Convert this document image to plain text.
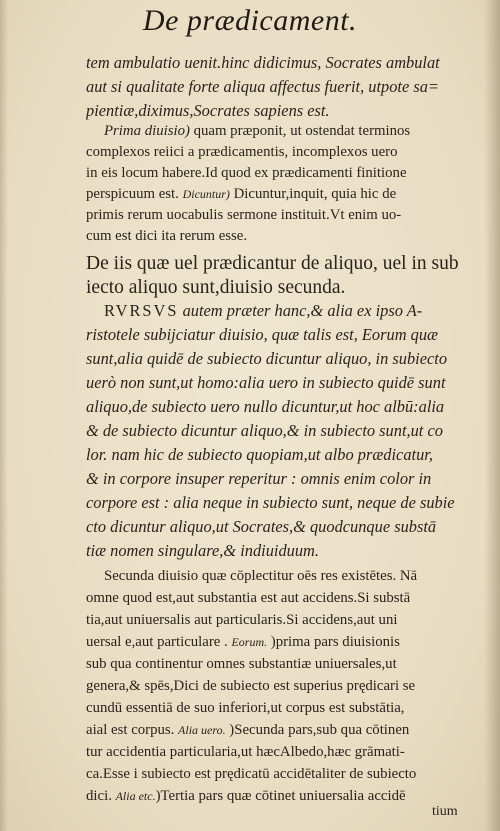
De prædicament.
tem ambulatio uenit.hinc didicimus, Socrates ambulat
aut si qualitate forte aliqua affectus fuerit, utpote sa=
pientiæ,diximus,Socrates sapiens est.
Prima diuisio) quam præponit, ut ostendat terminos
complexos reiici a prædicamentis, incomplexos uero
in eis locum habere.Id quod ex prædicamenti finitione
perspicuum est. Dicuntur) Dicuntur,inquit, quia hic de
primis rerum uocabulis sermone instituit.Vt enim uo-
cum est dici ita rerum esse.
De iis quæ uel prædicantur de aliquo, uel in sub
iecto aliquo sunt,diuisio secunda.
RVRSVS autem præter hanc,& alia ex ipso A-
ristotele subijciatur diuisio, quæ talis est, Eorum quæ
sunt,alia quidē de subiecto dicuntur aliquo, in subiecto
uerò non sunt,ut homo:alia uero in subiecto quidē sunt
aliquo,de subiecto uero nullo dicuntur,ut hoc albū:alia
& de subiecto dicuntur aliquo,& in subiecto sunt,ut co
lor. nam hic de subiecto quopiam,ut albo prædicatur,
& in corpore insuper reperitur : omnis enim color in
corpore est : alia neque in subiecto sunt, neque de subie
cto dicuntur aliquo,ut Socrates,& quodcunque substā
tiæ nomen singulare,& indiuiduum.
Secunda diuisio quæ cōplectitur oēs res existētes. Nā
omne quod est,aut substantia est aut accidens.Si substā
tia,aut uniuersalis aut particularis.Si accidens,aut uni
uersal e,aut particulare . Eorum. )prima pars diuisionis
sub qua continentur omnes substantiæ uniuersales,ut
genera,& spēs,Dici de subiecto est superius prędicari se
cundū essentiā de suo inferiori,ut corpus est substātia,
aial est corpus. Alia uero. )Secunda pars,sub qua cōtinen
tur accidentia particularia,ut hæcAlbedo,hæc grāmati-
ca.Esse i subiecto est prędicatū accidētaliter de subiecto
dici. Alia etc.)Tertia pars quæ cōtinet uniuersalia accidē
tium
